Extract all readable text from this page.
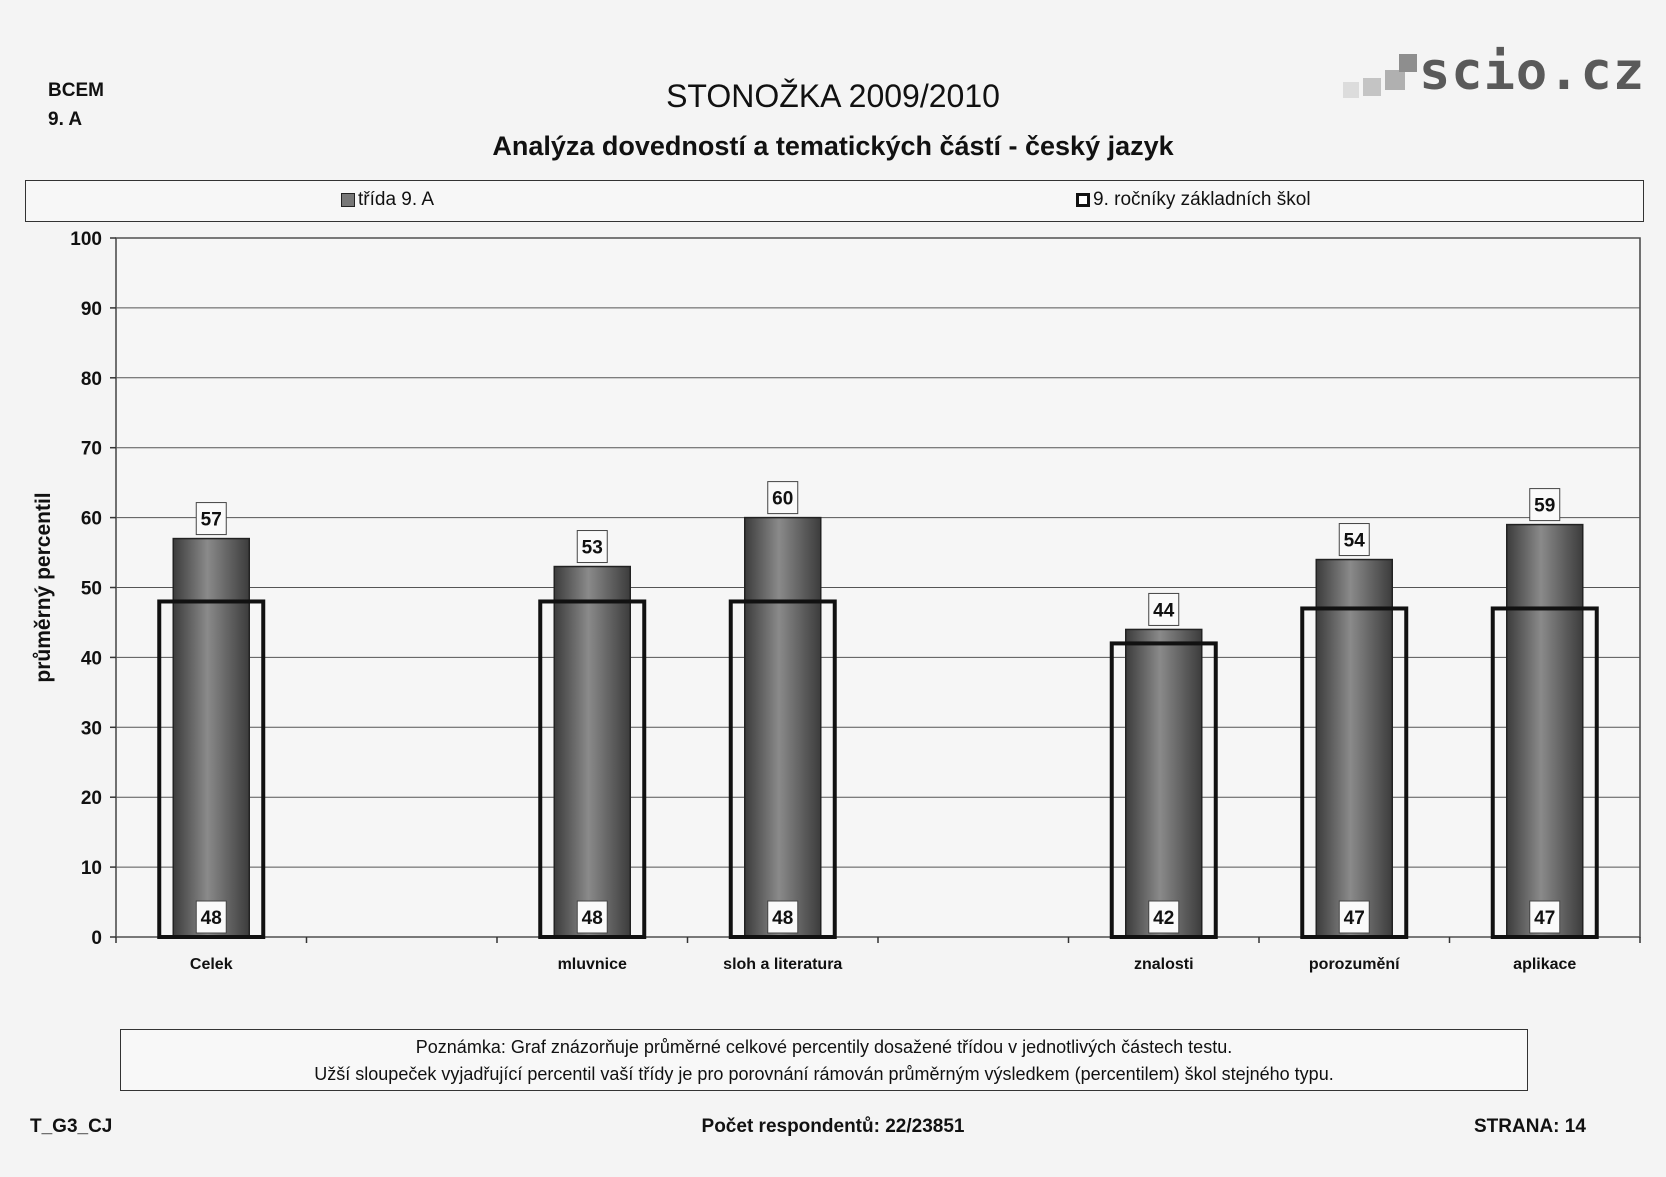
BCEM
9. A
STONOŽKA 2009/2010
Analýza dovedností a tematických částí - český jazyk
scio.cz
třída 9. A	9. ročníky základních škol
0
10
20
30
40
50
60
70
80
90
100
průměrný percentil
Celek
57
48
mluvnice
53
48
sloh a literatura
60
48
znalosti
44
42
porozumění
54
47
aplikace
59
47
Poznámka: Graf znázorňuje průměrné celkové percentily dosažené třídou v jednotlivých částech testu.
Užší sloupeček vyjadřující percentil vaší třídy je pro porovnání rámován průměrným výsledkem (percentilem) škol stejného typu.
T_G3_CJ	Počet respondentů: 22/23851	STRANA: 14
